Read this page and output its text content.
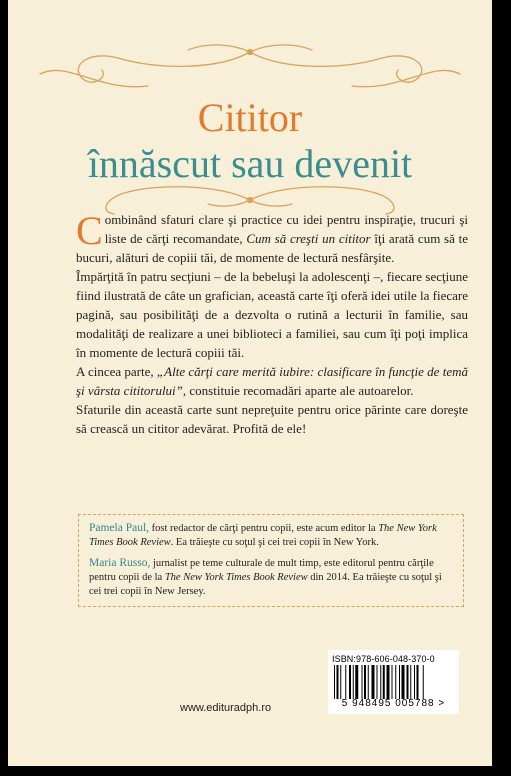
Cititor
înnăscut sau devenit

Combinând sfaturi clare şi practice cu idei pentru inspiraţie, trucuri şi liste de cărţi recomandate, Cum să creşti un cititor îţi arată cum să te bucuri, alături de copiii tăi, de momente de lectură nesfârşite.

Împărţită în patru secţiuni – de la bebeluşi la adolescenţi –, fiecare secţiune fiind ilustrată de câte un grafician, această carte îţi oferă idei utile la fiecare pagină, sau posibilităţi de a dezvolta o rutină a lecturii în familie, sau modalităţi de realizare a unei biblioteci a familiei, sau cum îţi poţi implica în momente de lectură copiii tăi.

A cincea parte, „Alte cărţi care merită iubire: clasificare în funcţie de temă şi vârsta cititorului”, constituie recomadări aparte ale autoarelor.

Sfaturile din această carte sunt nepreţuite pentru orice părinte care doreşte să crească un cititor adevărat. Profită de ele!

Pamela Paul, fost redactor de cărţi pentru copii, este acum editor la The New York Times Book Review. Ea trăieşte cu soţul şi cei trei copii în New York.

Maria Russo, jurnalist pe teme culturale de mult timp, este editorul pentru cărţile pentru copii de la The New York Times Book Review din 2014. Ea trăieşte cu soţul şi cei trei copii în New Jersey.

ISBN:978-606-048-370-0
5 948495 005788 >
www.edituradph.ro
